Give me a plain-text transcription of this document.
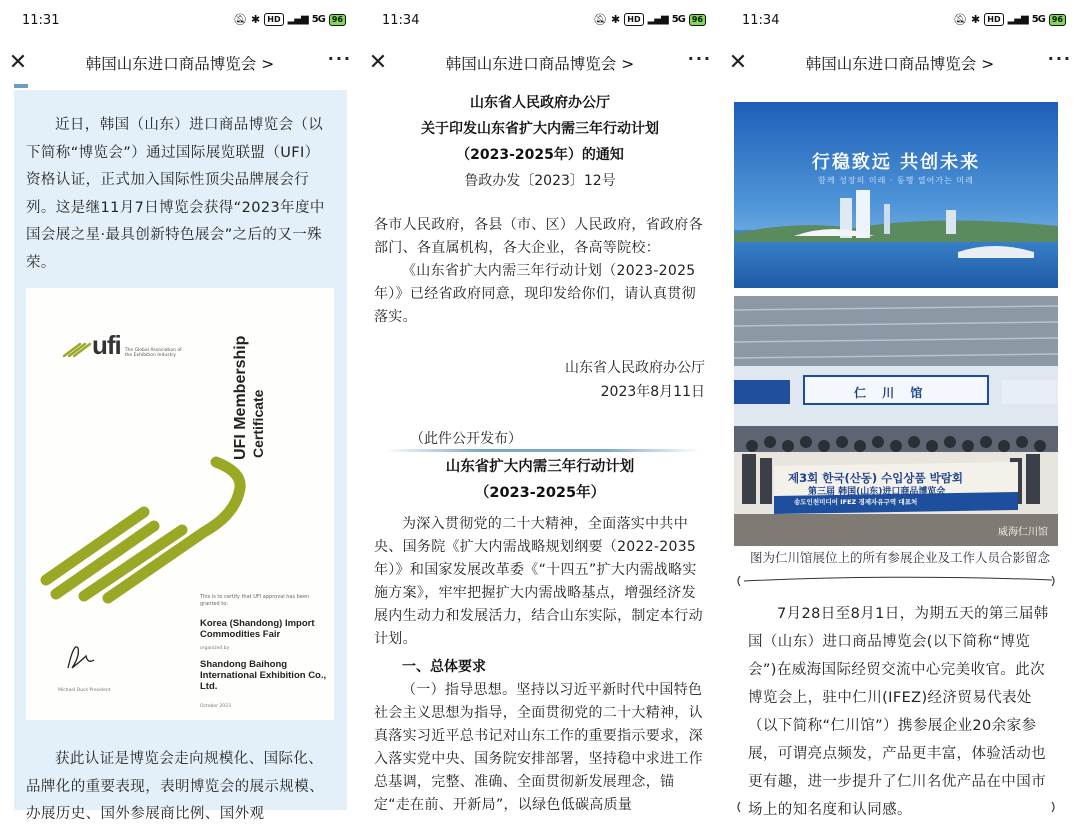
11:31	🔕︎ ✱ HD ▂▄▆ 5G 96
✕	韩国山东进口商品博览会 >	···
近日，韩国（山东）进口商品博览会（以下简称“博览会”）通过国际展览联盟（UFI）资格认证，正式加入国际性顶尖品牌展会行列。这是继11月7日博览会获得“2023年度中国会展之星·最具创新特色展会”之后的又一殊荣。
ufi The Global Association of the Exhibition Industry	UFI Membership Certificate
This is to certify that UFI approval has been granted to:
Korea (Shandong) Import Commodities Fair
organized by
Shandong Baihong International Exhibition Co., Ltd.
Michael Duck President
October 2023
获此认证是博览会走向规模化、国际化、品牌化的重要表现，表明博览会的展示规模、办展历史、国外参展商比例、国外观
11:34	🔕︎ ✱ HD ▂▄▆ 5G 96
✕	韩国山东进口商品博览会 >	···
山东省人民政府办公厅
关于印发山东省扩大内需三年行动计划
（2023-2025年）的通知
鲁政办发〔2023〕12号
各市人民政府，各县（市、区）人民政府，省政府各部门、各直属机构，各大企业，各高等院校：
《山东省扩大内需三年行动计划（2023-2025年）》已经省政府同意，现印发给你们，请认真贯彻落实。
山东省人民政府办公厅
2023年8月11日
（此件公开发布）
山东省扩大内需三年行动计划
（2023-2025年）
为深入贯彻党的二十大精神，全面落实中共中央、国务院《扩大内需战略规划纲要（2022-2035年）》和国家发展改革委《“十四五”扩大内需战略实施方案》，牢牢把握扩大内需战略基点，增强经济发展内生动力和发展活力，结合山东实际，制定本行动计划。
一、总体要求
（一）指导思想。坚持以习近平新时代中国特色社会主义思想为指导，全面贯彻党的二十大精神，认真落实习近平总书记对山东工作的重要指示要求，深入落实党中央、国务院安排部署，坚持稳中求进工作总基调，完整、准确、全面贯彻新发展理念，锚定“走在前、开新局”，以绿色低碳高质量
11:34	🔕︎ ✱ HD ▂▄▆ 5G 96
✕	韩国山东进口商品博览会 >	···
行稳致远 共创未来
함께 성장의 미래 · 동행 열어가는 미래
仁 川 馆
제3회 한국(산동) 수입상품 박람회
第三届 韩国(山东)进口商品博览会
송도인천미디어 IFEZ 경제자유구역 대표처
威海仁川馆
图为仁川馆展位上的所有参展企业及工作人员合影留念
7月28日至8月1日，为期五天的第三届韩国（山东）进口商品博览会(以下简称“博览会”)在威海国际经贸交流中心完美收官。此次博览会上，驻中仁川(IFEZ)经济贸易代表处（以下简称“仁川馆”）携参展企业20余家参展，可谓亮点频发，产品更丰富，体验活动也更有趣，进一步提升了仁川名优产品在中国市场上的知名度和认同感。
